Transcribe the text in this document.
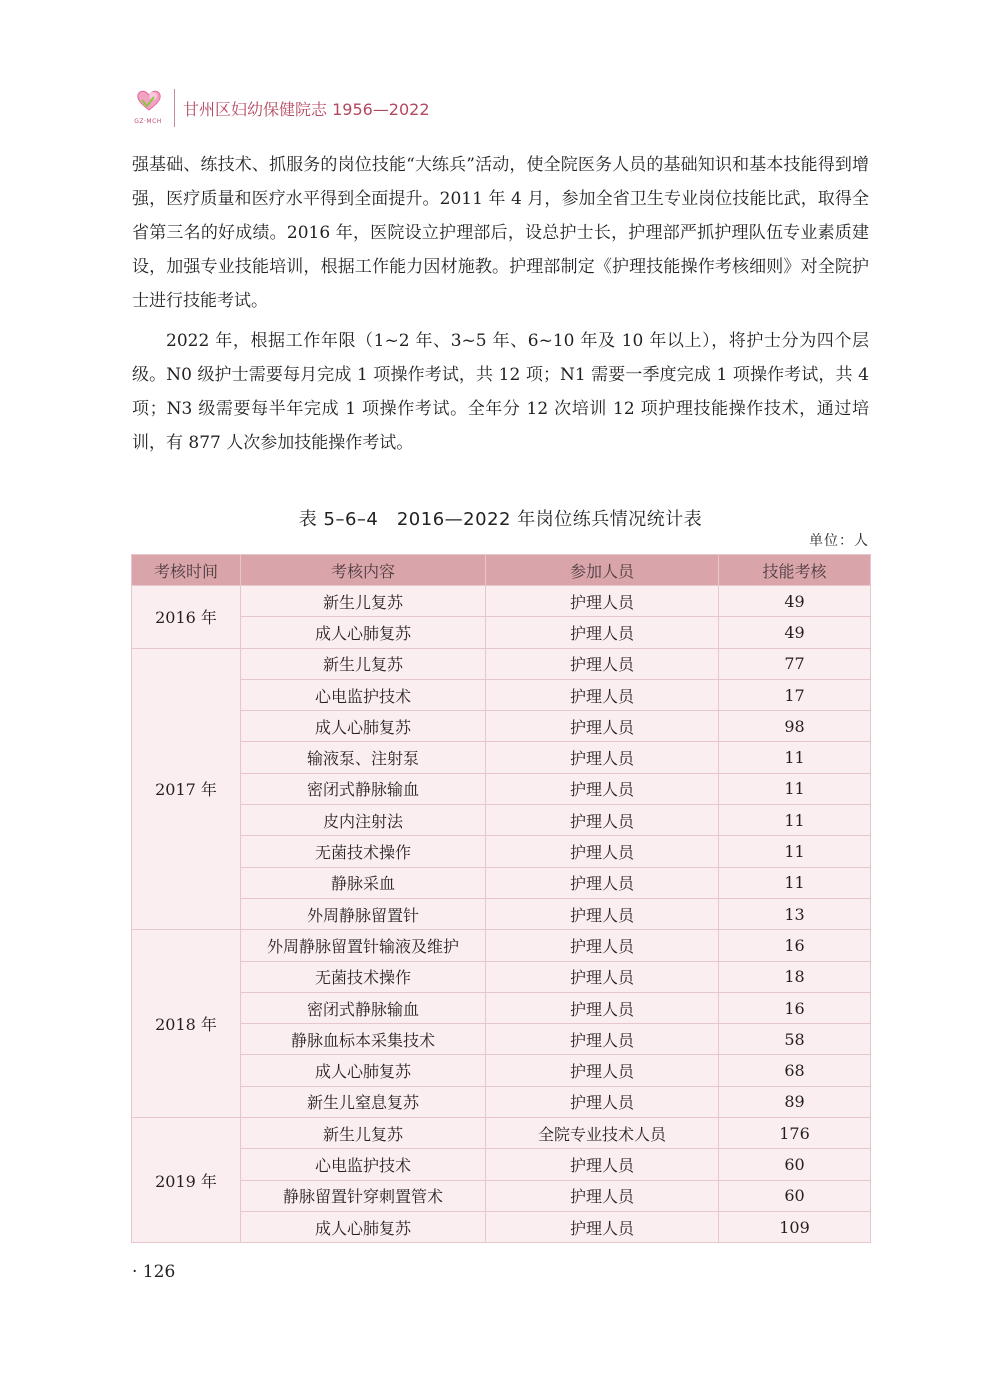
GZ·MCH
甘州区妇幼保健院志 1956—2022

强基础、练技术、抓服务的岗位技能“大练兵”活动，使全院医务人员的基础知识和基本技能得到增强，医疗质量和医疗水平得到全面提升。2011 年 4 月，参加全省卫生专业岗位技能比武，取得全省第三名的好成绩。2016 年，医院设立护理部后，设总护士长，护理部严抓护理队伍专业素质建设，加强专业技能培训，根据工作能力因材施教。护理部制定《护理技能操作考核细则》对全院护士进行技能考试。

2022 年，根据工作年限（1~2 年、3~5 年、6~10 年及 10 年以上），将护士分为四个层级。N0 级护士需要每月完成 1 项操作考试，共 12 项；N1 需要一季度完成 1 项操作考试，共 4 项；N3 级需要每半年完成 1 项操作考试。全年分 12 次培训 12 项护理技能操作技术，通过培训，有 877 人次参加技能操作考试。

表 5–6–4　2016—2022 年岗位练兵情况统计表
单位：人
考核时间	考核内容	参加人员	技能考核
2016 年	新生儿复苏	护理人员	49
	成人心肺复苏	护理人员	49
2017 年	新生儿复苏	护理人员	77
	心电监护技术	护理人员	17
	成人心肺复苏	护理人员	98
	输液泵、注射泵	护理人员	11
	密闭式静脉输血	护理人员	11
	皮内注射法	护理人员	11
	无菌技术操作	护理人员	11
	静脉采血	护理人员	11
	外周静脉留置针	护理人员	13
2018 年	外周静脉留置针输液及维护	护理人员	16
	无菌技术操作	护理人员	18
	密闭式静脉输血	护理人员	16
	静脉血标本采集技术	护理人员	58
	成人心肺复苏	护理人员	68
	新生儿窒息复苏	护理人员	89
2019 年	新生儿复苏	全院专业技术人员	176
	心电监护技术	护理人员	60
	静脉留置针穿刺置管术	护理人员	60
	成人心肺复苏	护理人员	109
· 126
